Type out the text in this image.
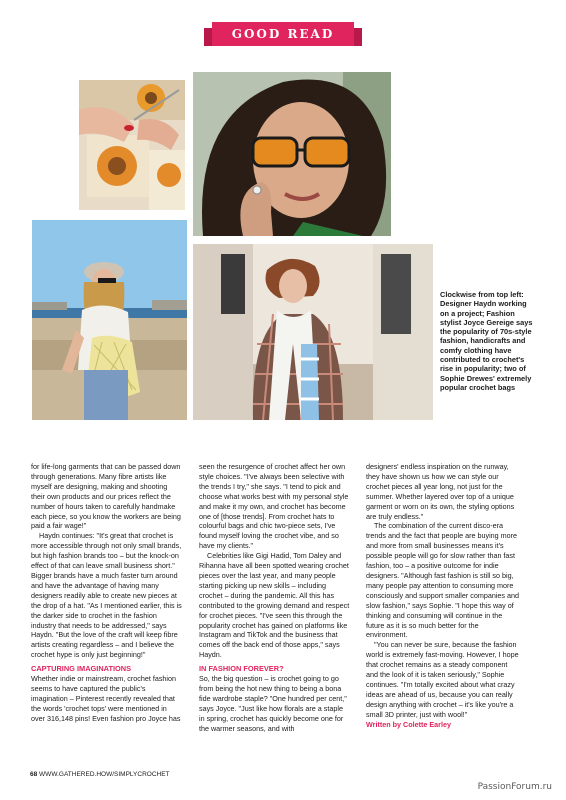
GOOD READ
Clockwise from top left: Designer Haydn working on a project; Fashion stylist Joyce Gereige says the popularity of 70s-style fashion, handicrafts and comfy clothing have contributed to crochet's rise in popularity; two of Sophie Drewes' extremely popular crochet bags

for life-long garments that can be passed down through generations. Many fibre artists like myself are designing, making and shooting their own products and our prices reflect the number of hours taken to carefully handmake each piece, so you know the workers are being paid a fair wage!"

Haydn continues: "It's great that crochet is more accessible through not only small brands, but high fashion brands too – but the knock-on effect of that can leave small business short." Bigger brands have a much faster turn around and have the advantage of having many designers readily able to create new pieces at the drop of a hat. "As I mentioned earlier, this is the darker side to crochet in the fashion industry that needs to be addressed," says Haydn. "But the love of the craft will keep fibre artists creating regardless – and I believe the crochet hype is only just beginning!"

CAPTURING IMAGINATIONS

Whether indie or mainstream, crochet fashion seems to have captured the public's imagination – Pinterest recently revealed that the words 'crochet tops' were mentioned in over 316,148 pins! Even fashion pro Joyce has

seen the resurgence of crochet affect her own style choices. "I've always been selective with the trends I try," she says. "I tend to pick and choose what works best with my personal style and make it my own, and crochet has become one of [those trends]. From crochet hats to colourful bags and chic two-piece sets, I've found myself loving the crochet vibe, and so have my clients."

Celebrities like Gigi Hadid, Tom Daley and Rihanna have all been spotted wearing crochet pieces over the last year, and many people starting picking up new skills – including crochet – during the pandemic. All this has contributed to the growing demand and respect for crochet pieces. "I've seen this through the popularity crochet has gained on platforms like Instagram and TikTok and the business that comes off the back end of those apps," says Haydn.

IN FASHION FOREVER?

So, the big question – is crochet going to go from being the hot new thing to being a bona fide wardrobe staple? "One hundred per cent," says Joyce. "Just like how florals are a staple in spring, crochet has quickly become one for the warmer seasons, and with

designers' endless inspiration on the runway, they have shown us how we can style our crochet pieces all year long, not just for the summer. Whether layered over top of a unique garment or worn on its own, the styling options are truly endless."

The combination of the current disco-era trends and the fact that people are buying more and more from small businesses means it's possible people will go for slow rather than fast fashion, too – a positive outcome for indie designers. "Although fast fashion is still so big, many people pay attention to consuming more consciously and support smaller companies and slow fashion," says Sophie. "I hope this way of thinking and consuming will continue in the future as it is so much better for the environment.

"You can never be sure, because the fashion world is extremely fast-moving. However, I hope that crochet remains as a steady component and the look of it is taken seriously," Sophie continues. "I'm totally excited about what crazy ideas are ahead of us, because you can really design anything with crochet – it's like you're a small 3D printer, just with wool!"

Written by Colette Earley

68 WWW.GATHERED.HOW/SIMPLYCROCHET
PassionForum.ru
